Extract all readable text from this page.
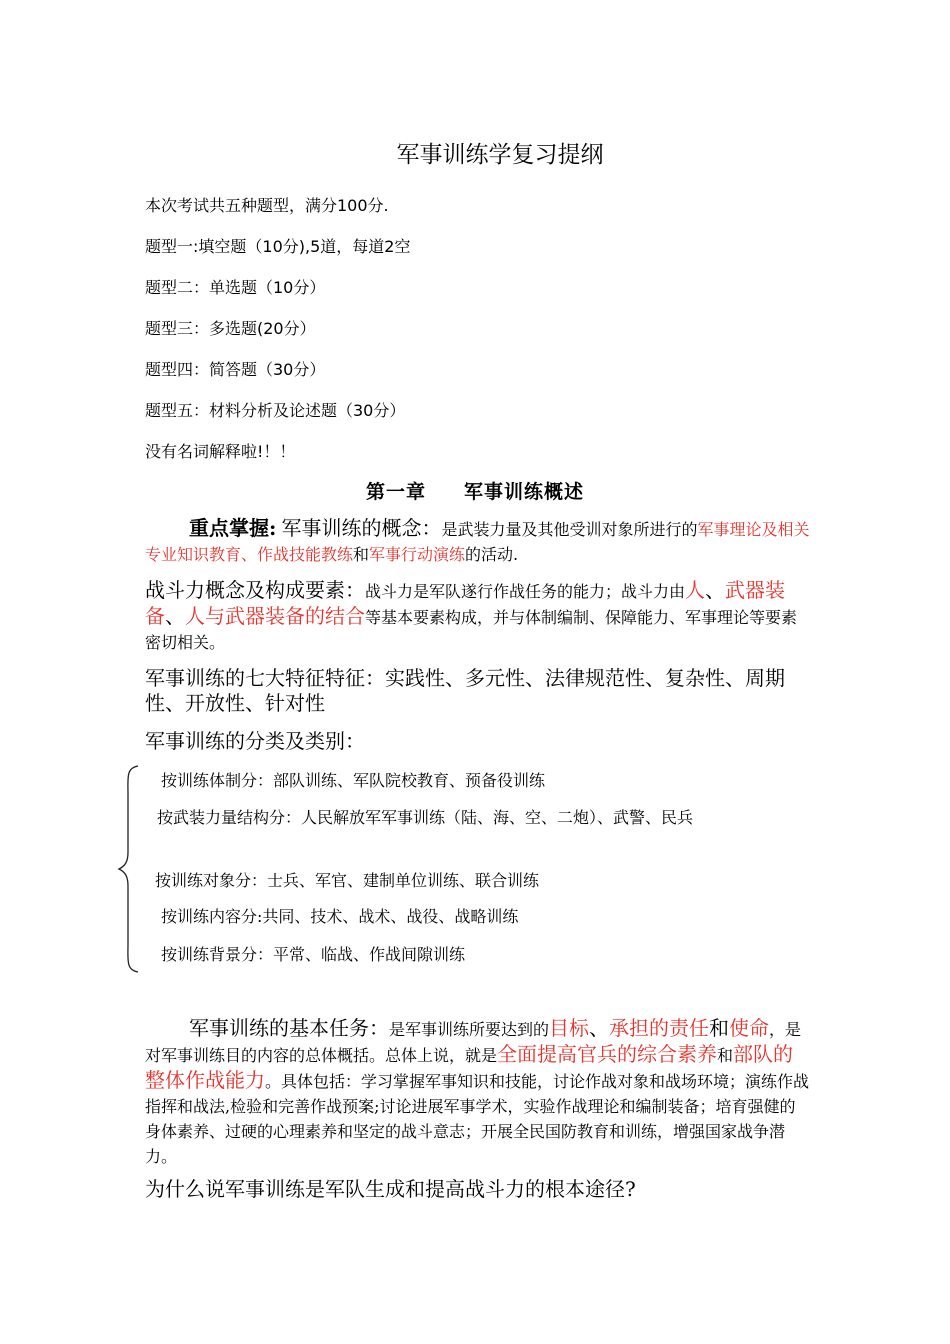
军事训练学复习提纲
本次考试共五种题型，满分100分.
题型一:填空题（10分),5道，每道2空
题型二：单选题（10分）
题型三：多选题(20分）
题型四：简答题（30分）
题型五：材料分析及论述题（30分）
没有名词解释啦!！！
第一章 军事训练概述
重点掌握: 军事训练的概念：是武装力量及其他受训对象所进行的军事理论及相关专业知识教育、作战技能教练和军事行动演练的活动.
战斗力概念及构成要素：战斗力是军队遂行作战任务的能力；战斗力由人、武器装备、人与武器装备的结合等基本要素构成，并与体制编制、保障能力、军事理论等要素密切相关。
军事训练的七大特征特征：实践性、多元性、法律规范性、复杂性、周期性、开放性、针对性
军事训练的分类及类别：
按训练体制分：部队训练、军队院校教育、预备役训练
按武装力量结构分：人民解放军军事训练（陆、海、空、二炮）、武警、民兵
按训练对象分：士兵、军官、建制单位训练、联合训练
按训练内容分:共同、技术、战术、战役、战略训练
按训练背景分：平常、临战、作战间隙训练
军事训练的基本任务：是军事训练所要达到的目标、承担的责任和使命，是对军事训练目的内容的总体概括。总体上说，就是全面提高官兵的综合素养和部队的整体作战能力。具体包括：学习掌握军事知识和技能，讨论作战对象和战场环境；演练作战指挥和战法,检验和完善作战预案;讨论进展军事学术，实验作战理论和编制装备；培育强健的身体素养、过硬的心理素养和坚定的战斗意志；开展全民国防教育和训练，增强国家战争潜力。
为什么说军事训练是军队生成和提高战斗力的根本途径?
